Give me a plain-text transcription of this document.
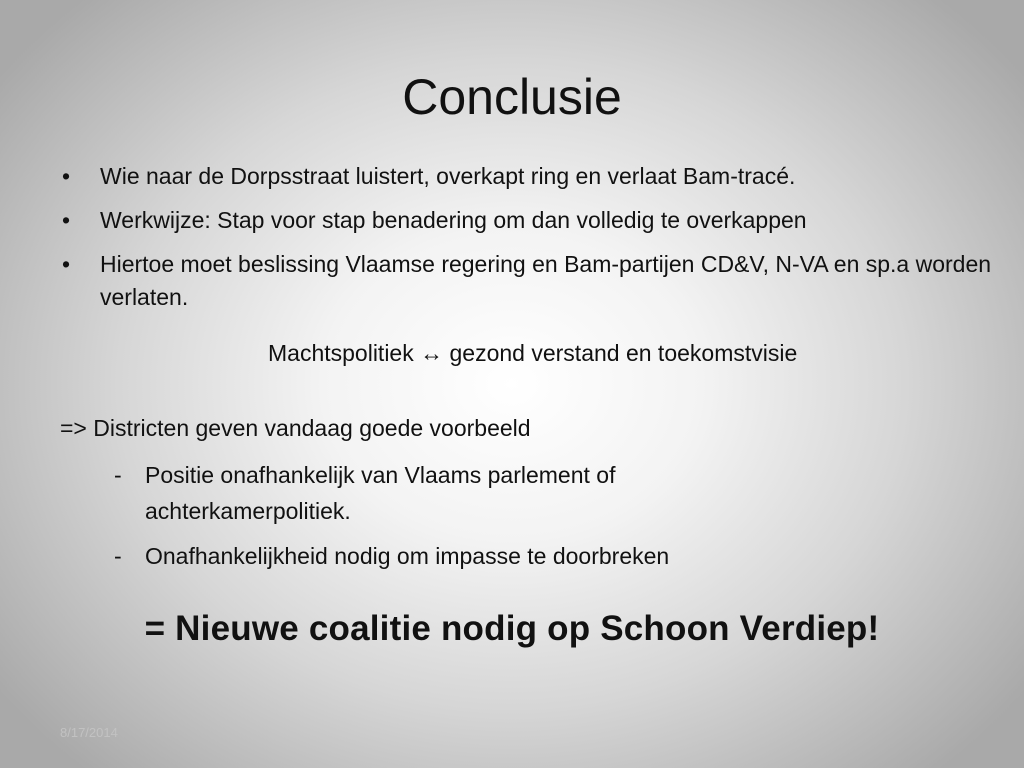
Conclusie
• Wie naar de Dorpsstraat luistert, overkapt ring en verlaat Bam-tracé.
• Werkwijze: Stap voor stap benadering om dan volledig te overkappen
• Hiertoe moet beslissing Vlaamse regering en Bam-partijen CD&V, N-VA en sp.a worden verlaten.
Machtspolitiek ↔ gezond verstand en toekomstvisie
=> Districten geven vandaag goede voorbeeld
- Positie onafhankelijk van Vlaams parlement of achterkamerpolitiek.
- Onafhankelijkheid nodig om impasse te doorbreken
= Nieuwe coalitie nodig op Schoon Verdiep!
8/17/2014
